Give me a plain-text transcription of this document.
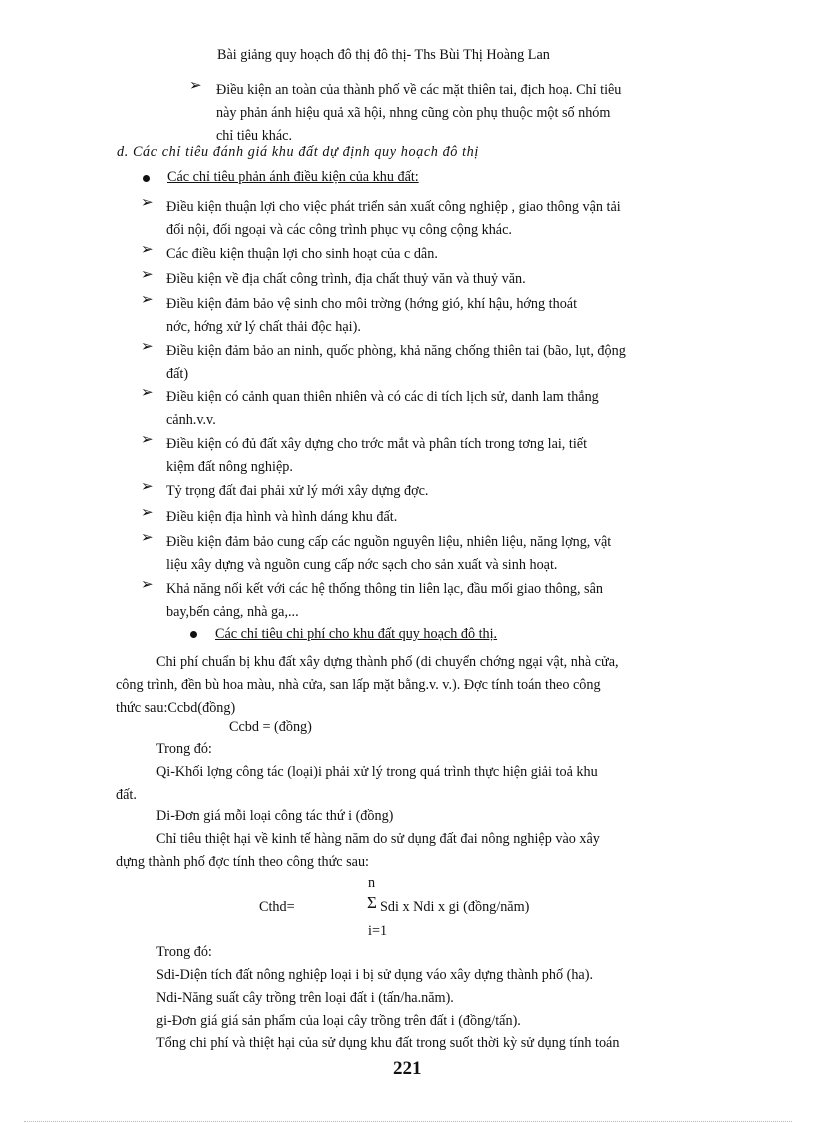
Bài giảng quy hoạch đô thị đô thị- Ths Bùi Thị Hoàng Lan
➢ Điều kiện an toàn của thành phố về các mặt thiên tai, địch hoạ. Chỉ tiêu
này phản ánh hiệu quả xã hội, nhng cũng còn phụ thuộc một số nhóm
chỉ tiêu khác.
d. Các chỉ tiêu đánh giá khu đất dự định quy hoạch đô thị
Các chỉ tiêu phản ánh điều kiện của khu đất:
➢ Điều kiện thuận lợi cho việc phát triển sản xuất công nghiệp , giao thông vận tải
đối nội, đối ngoại và các công trình phục vụ công cộng khác.
➢ Các điều kiện thuận lợi cho sinh hoạt của c dân.
➢ Điều kiện về địa chất công trình, địa chất thuỷ văn và thuỷ văn.
➢ Điều kiện đảm bảo vệ sinh cho môi trờng (hớng gió, khí hậu, hớng thoát
nớc, hớng xử lý chất thải độc hại).
➢ Điều kiện đảm bảo an ninh, quốc phòng, khả năng chống thiên tai (bão, lụt, động
đất)
➢ Điều kiện có cảnh quan thiên nhiên và có các di tích lịch sử, danh lam thắng
cảnh.v.v.
➢ Điều kiện có đủ đất xây dựng cho trớc mắt và phân tích trong tơng lai, tiết
kiệm đất nông nghiệp.
➢ Tỷ trọng đất đai phải xử lý mới xây dựng đợc.
➢ Điều kiện địa hình và hình dáng khu đất.
➢ Điều kiện đảm bảo cung cấp các nguồn nguyên liệu, nhiên liệu, năng lợng, vật
liệu xây dựng và nguồn cung cấp nớc sạch cho sản xuất và sinh hoạt.
➢ Khả năng nối kết với các hệ thống thông tin liên lạc, đầu mối giao thông, sân
bay,bến cảng, nhà ga,...
Các chỉ tiêu chi phí cho khu đất quy hoạch đô thị.
Chi phí chuẩn bị khu đất xây dựng thành phố (di chuyển chớng ngại vật, nhà cửa,
công trình, đền bù hoa màu, nhà cửa, san lấp mặt bằng.v. v.). Đợc tính toán theo công
thức sau:Ccbd(đồng)
Ccbd = (đồng)
Trong đó:
Qi-Khối lợng công tác (loại)i phải xử lý trong quá trình thực hiện giải toả khu
đất.
Di-Đơn giá mỗi loại công tác thứ i (đồng)
Chỉ tiêu thiệt hại về kinh tế hàng năm do sử dụng đất đai nông nghiệp vào xây
dựng thành phố đợc tính theo công thức sau:
n
Cthd=	Σ Sdi x Ndi x gi (đồng/năm)
i=1
Trong đó:
Sdi-Diện tích đất nông nghiệp loại i bị sử dụng váo xây dựng thành phố (ha).
Ndi-Năng suất cây trồng trên loại đất i (tấn/ha.năm).
gi-Đơn giá giá sản phẩm của loại cây trồng trên đất i (đồng/tấn).
Tổng chi phí và thiệt hại của sử dụng khu đất trong suốt thời kỳ sử dụng tính toán
221
